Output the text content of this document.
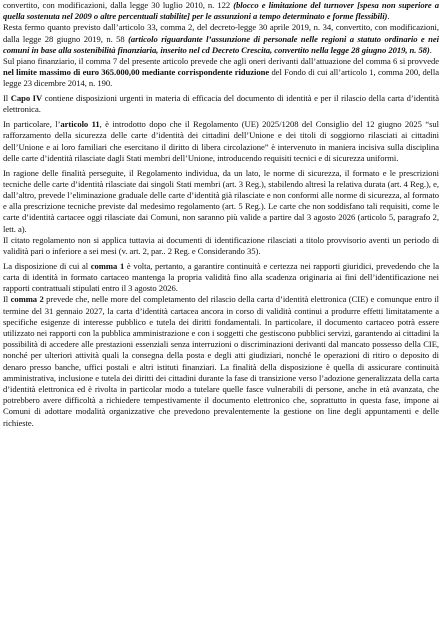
convertito, con modificazioni, dalla legge 30 luglio 2010, n. 122 (blocco e limitazione del turnover [spesa non superiore a quella sostenuta nel 2009 o altre percentuali stabilite] per le assunzioni a tempo determinato e forme flessibili).

Resta fermo quanto previsto dall’articolo 33, comma 2, del decreto-legge 30 aprile 2019, n. 34, convertito, con modificazioni, dalla legge 28 giugno 2019, n. 58 (articolo riguardante l’assunzione di personale nelle regioni a statuto ordinario e nei comuni in base alla sostenibilità finanziaria, inserito nel cd Decreto Crescita, convertito nella legge 28 giugno 2019, n. 58).

Sul piano finanziario, il comma 7 del presente articolo prevede che agli oneri derivanti dall’attuazione del comma 6 si provvede nel limite massimo di euro 365.000,00 mediante corrispondente riduzione del Fondo di cui all’articolo 1, comma 200, della legge 23 dicembre 2014, n. 190.

Il Capo IV contiene disposizioni urgenti in materia di efficacia del documento di identità e per il rilascio della carta d’identità elettronica.

In particolare, l’articolo 11, è introdotto dopo che il Regolamento (UE) 2025/1208 del Consiglio del 12 giugno 2025 “sul rafforzamento della sicurezza delle carte d’identità dei cittadini dell’Unione e dei titoli di soggiorno rilasciati ai cittadini dell’Unione e ai loro familiari che esercitano il diritto di libera circolazione” è intervenuto in maniera incisiva sulla disciplina delle carte d’identità rilasciate dagli Stati membri dell’Unione, introducendo requisiti tecnici e di sicurezza uniformi.

In ragione delle finalità perseguite, il Regolamento individua, da un lato, le norme di sicurezza, il formato e le prescrizioni tecniche delle carte d’identità rilasciate dai singoli Stati membri (art. 3 Reg.), stabilendo altresì la relativa durata (art. 4 Reg.), e, dall’altro, prevede l’eliminazione graduale delle carte d’identità già rilasciate e non conformi alle norme di sicurezza, al formato e alla prescrizione tecniche previste dal medesimo regolamento (art. 5 Reg.). Le carte che non soddisfano tali requisiti, come le carte d’identità cartacee oggi rilasciate dai Comuni, non saranno più valide a partire dal 3 agosto 2026 (articolo 5, paragrafo 2, lett. a).

Il citato regolamento non si applica tuttavia ai documenti di identificazione rilasciati a titolo provvisorio aventi un periodo di validità pari o inferiore a sei mesi (v. art. 2, par.. 2 Reg. e Considerando 35).

La disposizione di cui al comma 1 è volta, pertanto, a garantire continuità e certezza nei rapporti giuridici, prevedendo che la carta di identità in formato cartaceo mantenga la propria validità fino alla scadenza originaria ai fini dell’identificazione nei rapporti contrattuali stipulati entro il 3 agosto 2026.

Il comma 2 prevede che, nelle more del completamento del rilascio della carta d’identità elettronica (CIE) e comunque entro il termine del 31 gennaio 2027, la carta d’identità cartacea ancora in corso di validità continui a produrre effetti limitatamente a specifiche esigenze di interesse pubblico e tutela dei diritti fondamentali. In particolare, il documento cartaceo potrà essere utilizzato nei rapporti con la pubblica amministrazione e con i soggetti che gestiscono pubblici servizi, garantendo ai cittadini la possibilità di accedere alle prestazioni essenziali senza interruzioni o discriminazioni derivanti dal mancato possesso della CIE, nonché per ulteriori attività quali la consegna della posta e degli atti giudiziari, nonché le operazioni di ritiro o deposito di denaro presso banche, uffici postali e altri istituti finanziari. La finalità della disposizione è quella di assicurare continuità amministrativa, inclusione e tutela dei diritti dei cittadini durante la fase di transizione verso l’adozione generalizzata della carta d’identità elettronica ed è rivolta in particolar modo a tutelare quelle fasce vulnerabili di persone, anche in età avanzata, che potrebbero avere difficoltà a richiedere tempestivamente il documento elettronico che, soprattutto in questa fase, impone ai Comuni di adottare modalità organizzative che prevedono prevalentemente la gestione on line degli appuntamenti e delle richieste.
